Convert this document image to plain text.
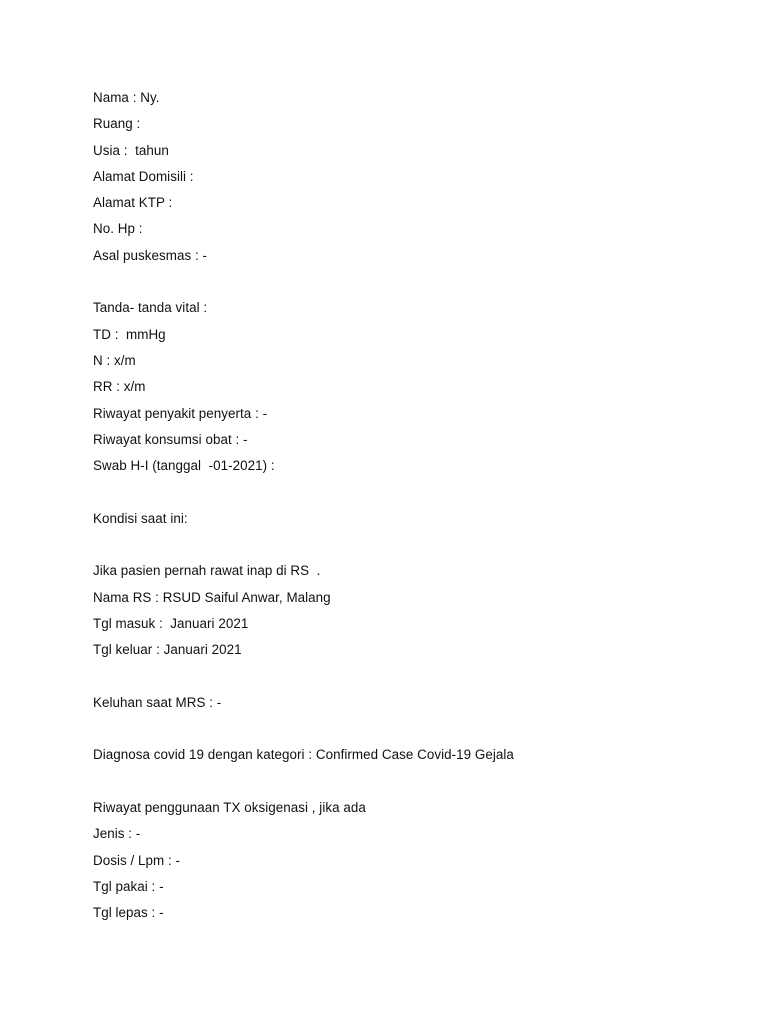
Nama : Ny.
Ruang :
Usia :  tahun
Alamat Domisili :
Alamat KTP :
No. Hp :
Asal puskesmas : -
Tanda- tanda vital :
TD :  mmHg
N : x/m
RR : x/m
Riwayat penyakit penyerta : -
Riwayat konsumsi obat : -
Swab H-I (tanggal  -01-2021) :
Kondisi saat ini:
Jika pasien pernah rawat inap di RS  .
Nama RS : RSUD Saiful Anwar, Malang
Tgl masuk :  Januari 2021
Tgl keluar : Januari 2021
Keluhan saat MRS : -
Diagnosa covid 19 dengan kategori : Confirmed Case Covid-19 Gejala
Riwayat penggunaan TX oksigenasi , jika ada
Jenis : -
Dosis / Lpm : -
Tgl pakai : -
Tgl lepas : -
